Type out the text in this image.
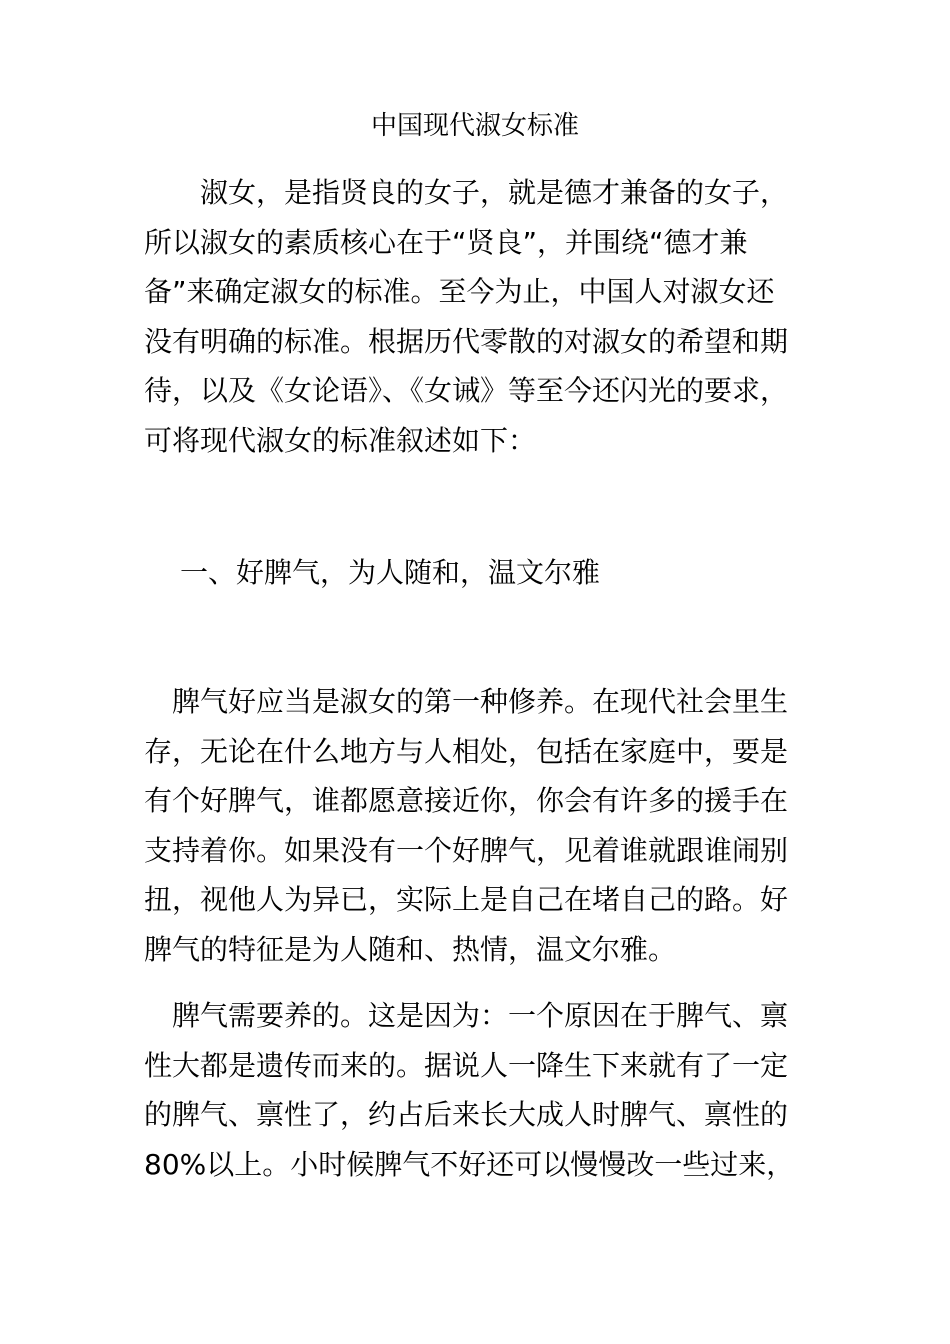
中国现代淑女标准
　　淑女，是指贤良的女子，就是德才兼备的女子，
所以淑女的素质核心在于“贤良”，并围绕“德才兼
备”来确定淑女的标准。至今为止，中国人对淑女还
没有明确的标准。根据历代零散的对淑女的希望和期
待，以及《女论语》、《女诫》等至今还闪光的要求，
可将现代淑女的标准叙述如下：
一、好脾气，为人随和，温文尔雅
　脾气好应当是淑女的第一种修养。在现代社会里生
存，无论在什么地方与人相处，包括在家庭中，要是
有个好脾气，谁都愿意接近你，你会有许多的援手在
支持着你。如果没有一个好脾气，见着谁就跟谁闹别
扭，视他人为异已，实际上是自己在堵自己的路。好
脾气的特征是为人随和、热情，温文尔雅。
　脾气需要养的。这是因为：一个原因在于脾气、禀
性大都是遗传而来的。据说人一降生下来就有了一定
的脾气、禀性了，约占后来长大成人时脾气、禀性的
80%以上。小时候脾气不好还可以慢慢改一些过来，
